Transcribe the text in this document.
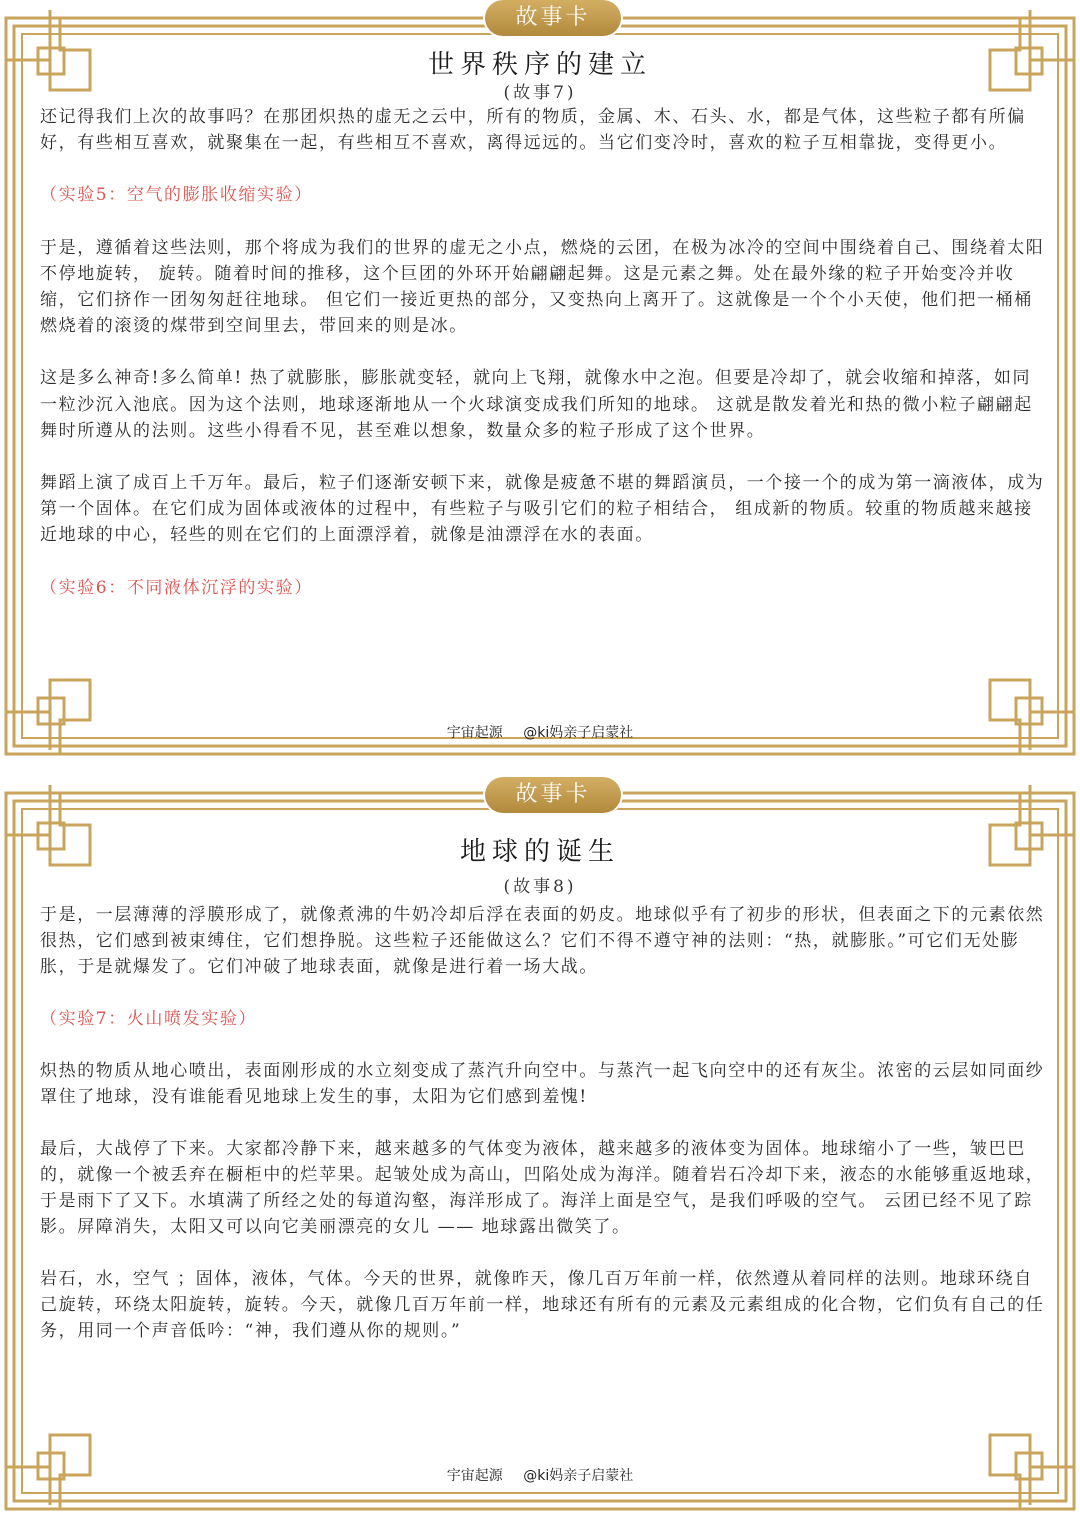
故事卡
世界秩序的建立
(故事7)

还记得我们上次的故事吗？在那团炽热的虚无之云中，所有的物质，金属、木、石头、水，都是气体，这些粒子都有所偏好，有些相互喜欢，就聚集在一起，有些相互不喜欢，离得远远的。当它们变冷时，喜欢的粒子互相靠拢，变得更小。

（实验5：空气的膨胀收缩实验）

于是，遵循着这些法则，那个将成为我们的世界的虚无之小点，燃烧的云团，在极为冰冷的空间中围绕着自己、围绕着太阳不停地旋转， 旋转。随着时间的推移，这个巨团的外环开始翩翩起舞。这是元素之舞。处在最外缘的粒子开始变冷并收缩，它们挤作一团匆匆赶往地球。 但它们一接近更热的部分，又变热向上离开了。这就像是一个个小天使，他们把一桶桶燃烧着的滚烫的煤带到空间里去，带回来的则是冰。

这是多么神奇!多么简单! 热了就膨胀，膨胀就变轻，就向上飞翔，就像水中之泡。但要是冷却了，就会收缩和掉落，如同一粒沙沉入池底。因为这个法则，地球逐渐地从一个火球演变成我们所知的地球。 这就是散发着光和热的微小粒子翩翩起舞时所遵从的法则。这些小得看不见，甚至难以想象，数量众多的粒子形成了这个世界。

舞蹈上演了成百上千万年。最后，粒子们逐渐安顿下来，就像是疲惫不堪的舞蹈演员，一个接一个的成为第一滴液体，成为第一个固体。在它们成为固体或液体的过程中，有些粒子与吸引它们的粒子相结合， 组成新的物质。较重的物质越来越接近地球的中心，轻些的则在它们的上面漂浮着，就像是油漂浮在水的表面。

（实验6：不同液体沉浮的实验）

宇宙起源 @ki妈亲子启蒙社
故事卡
地球的诞生
(故事8)
宇宙起源 @ki妈亲子启蒙社

于是，一层薄薄的浮膜形成了，就像煮沸的牛奶冷却后浮在表面的奶皮。地球似乎有了初步的形状，但表面之下的元素依然很热，它们感到被束缚住，它们想挣脱。这些粒子还能做这么？它们不得不遵守神的法则：“热，就膨胀。”可它们无处膨胀，于是就爆发了。它们冲破了地球表面，就像是进行着一场大战。

（实验7：火山喷发实验）

炽热的物质从地心喷出，表面刚形成的水立刻变成了蒸汽升向空中。与蒸汽一起飞向空中的还有灰尘。浓密的云层如同面纱罩住了地球，没有谁能看见地球上发生的事，太阳为它们感到羞愧!

最后，大战停了下来。大家都冷静下来，越来越多的气体变为液体，越来越多的液体变为固体。地球缩小了一些，皱巴巴的，就像一个被丢弃在橱柜中的烂苹果。起皱处成为高山，凹陷处成为海洋。随着岩石冷却下来，液态的水能够重返地球，于是雨下了又下。水填满了所经之处的每道沟壑，海洋形成了。海洋上面是空气，是我们呼吸的空气。 云团已经不见了踪影。屏障消失，太阳又可以向它美丽漂亮的女儿 —— 地球露出微笑了。

岩石，水，空气 ；固体，液体，气体。今天的世界，就像昨天，像几百万年前一样，依然遵从着同样的法则。地球环绕自己旋转，环绕太阳旋转，旋转。今天，就像几百万年前一样，地球还有所有的元素及元素组成的化合物，它们负有自己的任务，用同一个声音低吟：“神，我们遵从你的规则。”
